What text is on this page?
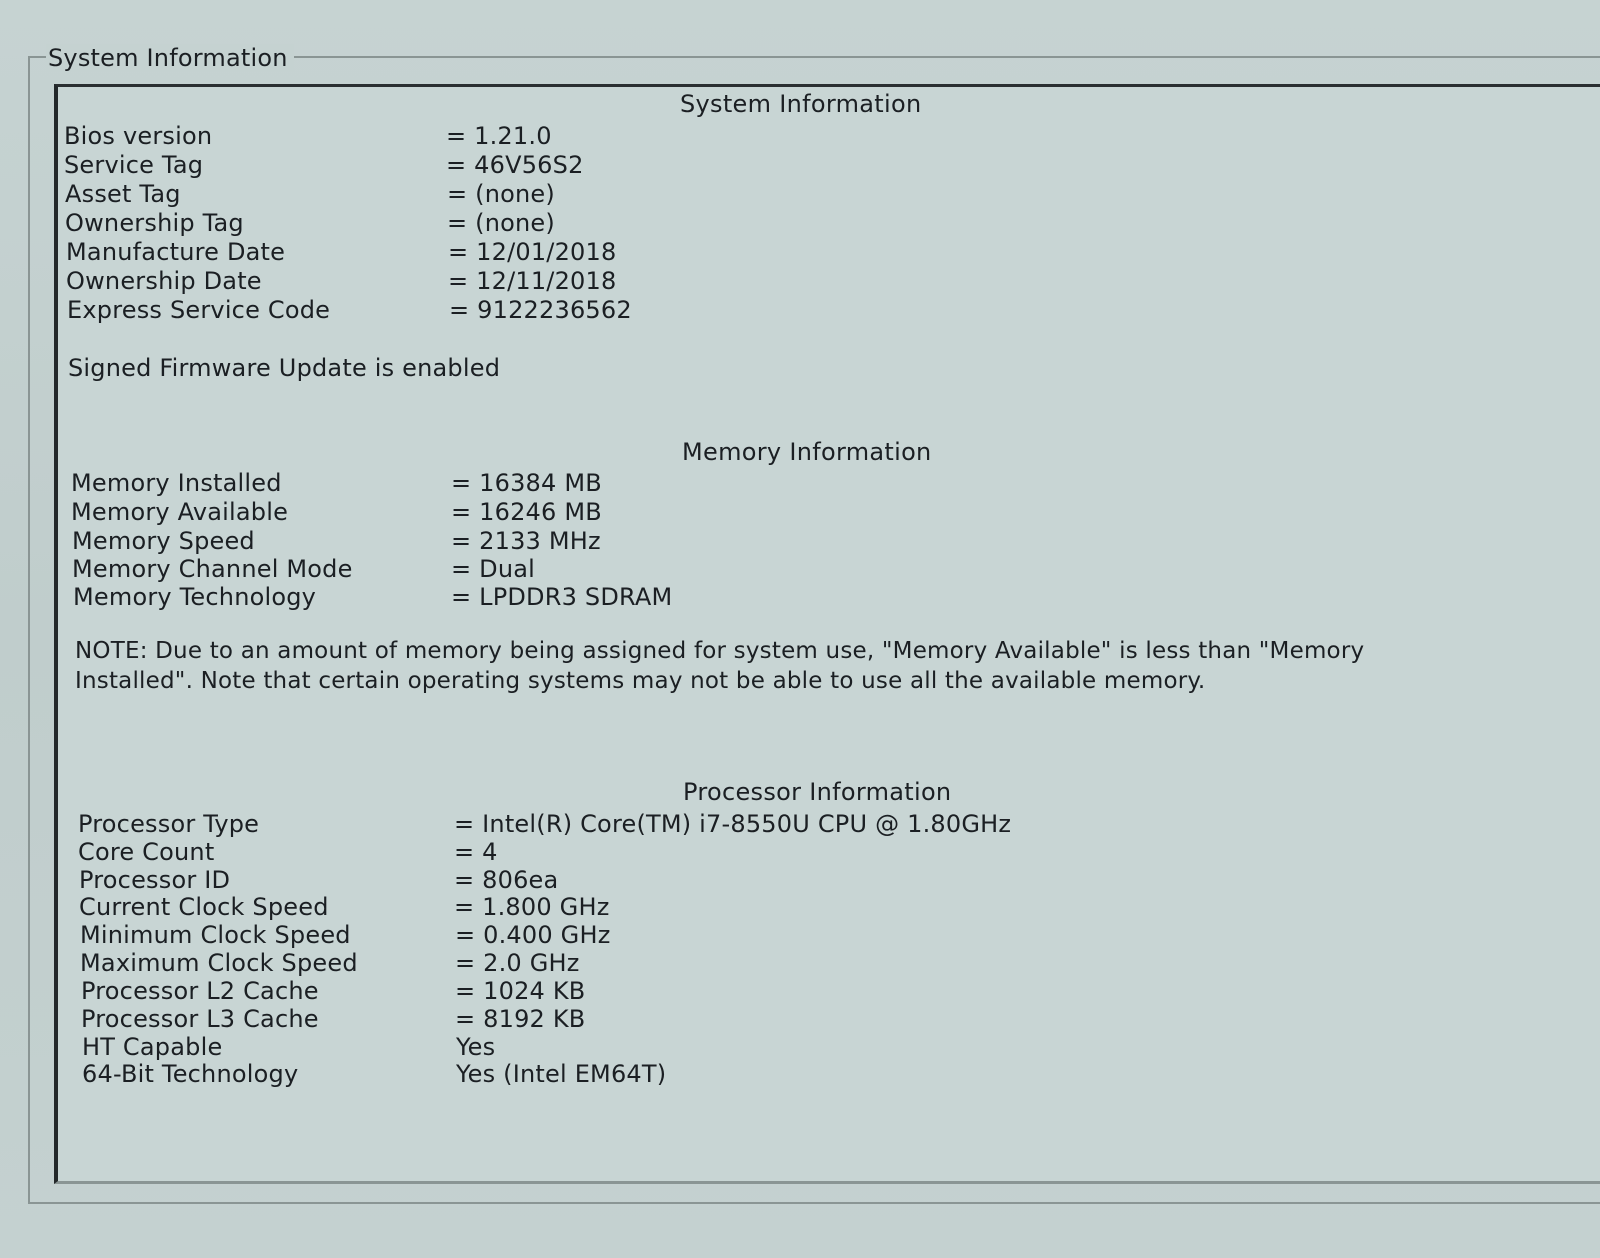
System Information
System Information
Bios version	= 1.21.0
Service Tag	= 46V56S2
Asset Tag	= (none)
Ownership Tag	= (none)
Manufacture Date	= 12/01/2018
Ownership Date	= 12/11/2018
Express Service Code	= 9122236562
Signed Firmware Update is enabled
Memory Information
Memory Installed	= 16384 MB
Memory Available	= 16246 MB
Memory Speed	= 2133 MHz
Memory Channel Mode	= Dual
Memory Technology	= LPDDR3 SDRAM
NOTE: Due to an amount of memory being assigned for system use, "Memory Available" is less than "Memory Installed". Note that certain operating systems may not be able to use all the available memory.
Processor Information
Processor Type	= Intel(R) Core(TM) i7-8550U CPU @ 1.80GHz
Core Count	= 4
Processor ID	= 806ea
Current Clock Speed	= 1.800 GHz
Minimum Clock Speed	= 0.400 GHz
Maximum Clock Speed	= 2.0 GHz
Processor L2 Cache	= 1024 KB
Processor L3 Cache	= 8192 KB
HT Capable	Yes
64-Bit Technology	Yes (Intel EM64T)
